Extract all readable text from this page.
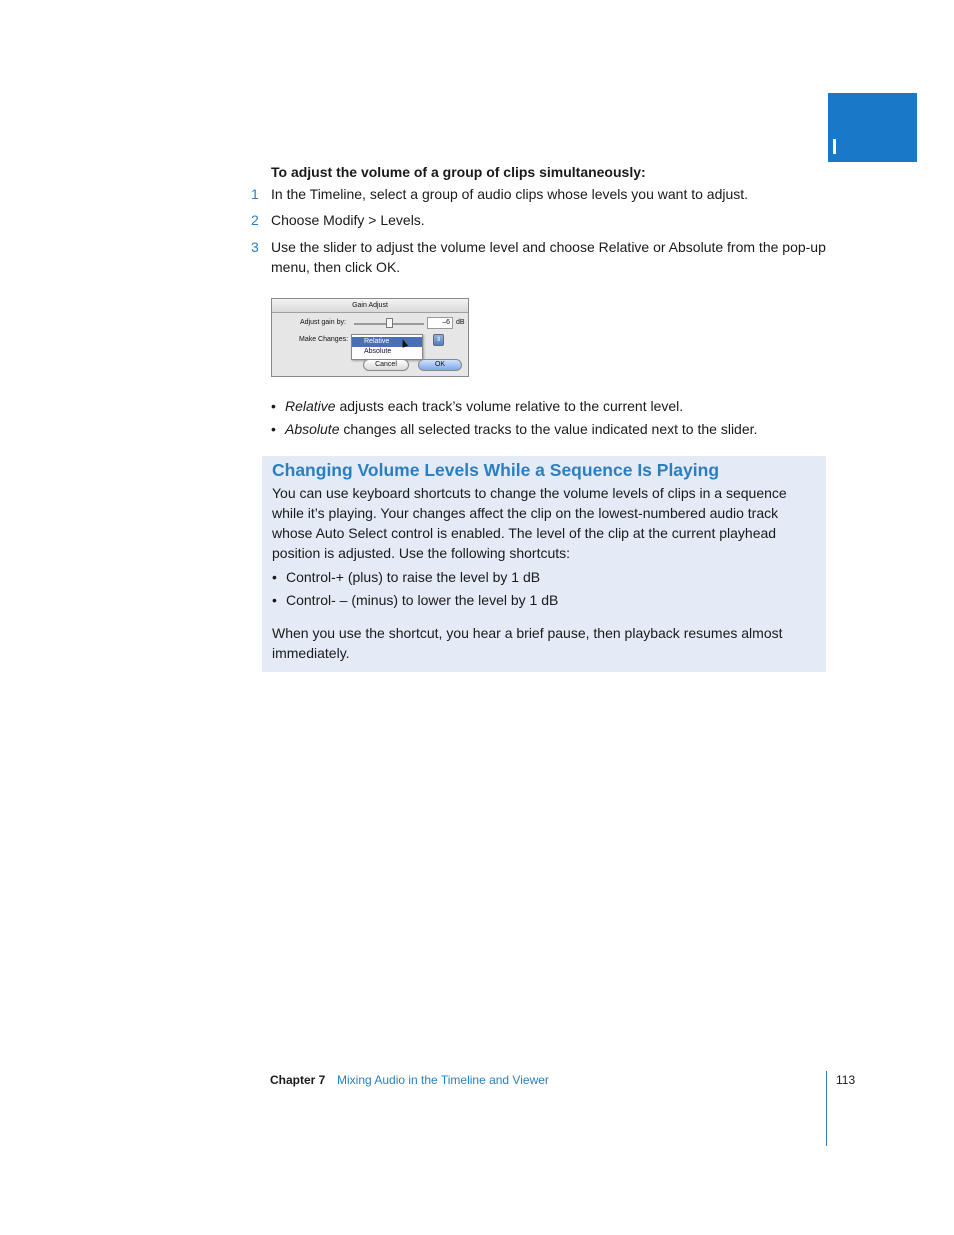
To adjust the volume of a group of clips simultaneously:
1 In the Timeline, select a group of audio clips whose levels you want to adjust.
2 Choose Modify > Levels.
3 Use the slider to adjust the volume level and choose Relative or Absolute from the pop-up menu, then click OK.
Gain Adjust
Adjust gain by:	–6 dB
Make Changes:	Relative
Absolute
⇕
Cancel	OK
• Relative adjusts each track’s volume relative to the current level.
• Absolute changes all selected tracks to the value indicated next to the slider.
Changing Volume Levels While a Sequence Is Playing
You can use keyboard shortcuts to change the volume levels of clips in a sequence while it’s playing. Your changes affect the clip on the lowest-numbered audio track whose Auto Select control is enabled. The level of the clip at the current playhead position is adjusted. Use the following shortcuts:
• Control-+ (plus) to raise the level by 1 dB
• Control- – (minus) to lower the level by 1 dB
When you use the shortcut, you hear a brief pause, then playback resumes almost immediately.
Chapter 7 Mixing Audio in the Timeline and Viewer	113
